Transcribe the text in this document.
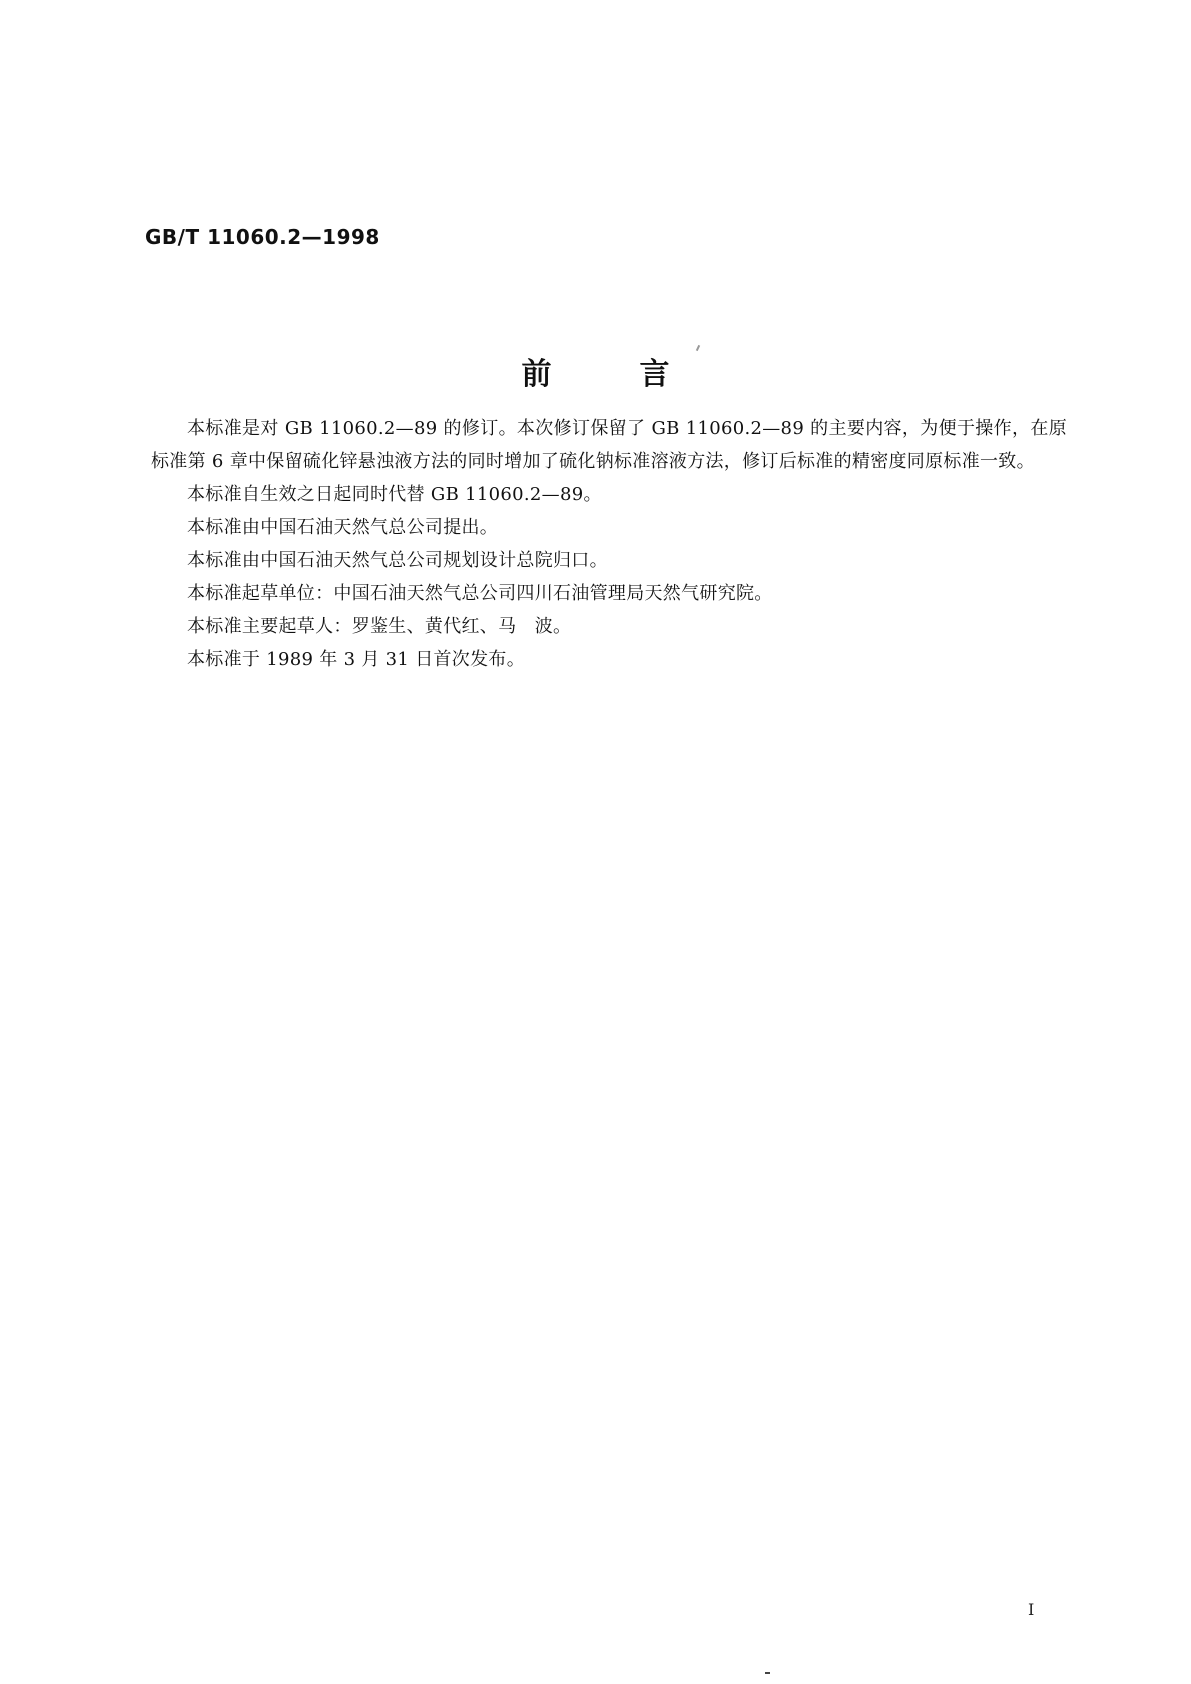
GB/T 11060.2—1998
前	言

本标准是对 GB 11060.2—89 的修订。本次修订保留了 GB 11060.2—89 的主要内容，为便于操作，在原标准第 6 章中保留硫化锌悬浊液方法的同时增加了硫化钠标准溶液方法，修订后标准的精密度同原标准一致。

本标准自生效之日起同时代替 GB 11060.2—89。

本标准由中国石油天然气总公司提出。

本标准由中国石油天然气总公司规划设计总院归口。

本标准起草单位：中国石油天然气总公司四川石油管理局天然气研究院。

本标准主要起草人：罗鉴生、黄代红、马　波。

本标准于 1989 年 3 月 31 日首次发布。

I
